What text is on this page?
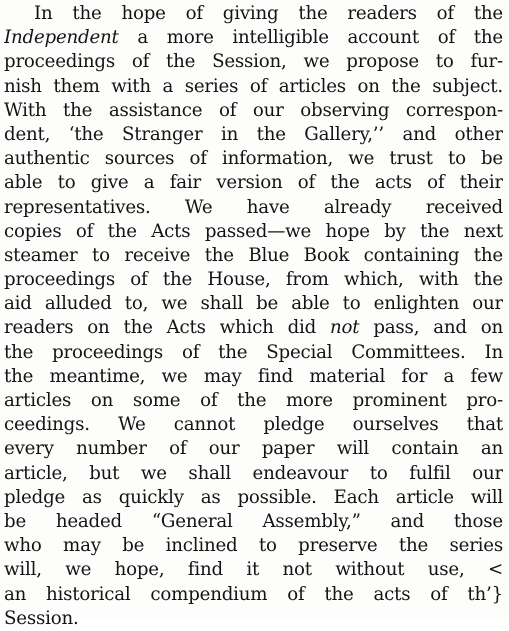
In the hope of giving the readers of the
Independent a more intelligible account of the
proceedings of the Session, we propose to fur-
nish them with a series of articles on the subject.
With the assistance of our observing correspon-
dent, ‘the Stranger in the Gallery,’’ and other
authentic sources of information, we trust to be
able to give a fair version of the acts of their
representatives. We have already received
copies of the Acts passed—we hope by the next
steamer to receive the Blue Book containing the
proceedings of the House, from which, with the
aid alluded to, we shall be able to enlighten our
readers on the Acts which did not pass, and on
the proceedings of the Special Committees. In
the meantime, we may find material for a few
articles on some of the more prominent pro-
ceedings. We cannot pledge ourselves that
every number of our paper will contain an
article, but we shall endeavour to fulfil our
pledge as quickly as possible. Each article will
be headed “General Assembly,” and those
who may be inclined to preserve the series
will, we hope, find it not without use, <
an historical compendium of the acts of th’}
Session.
